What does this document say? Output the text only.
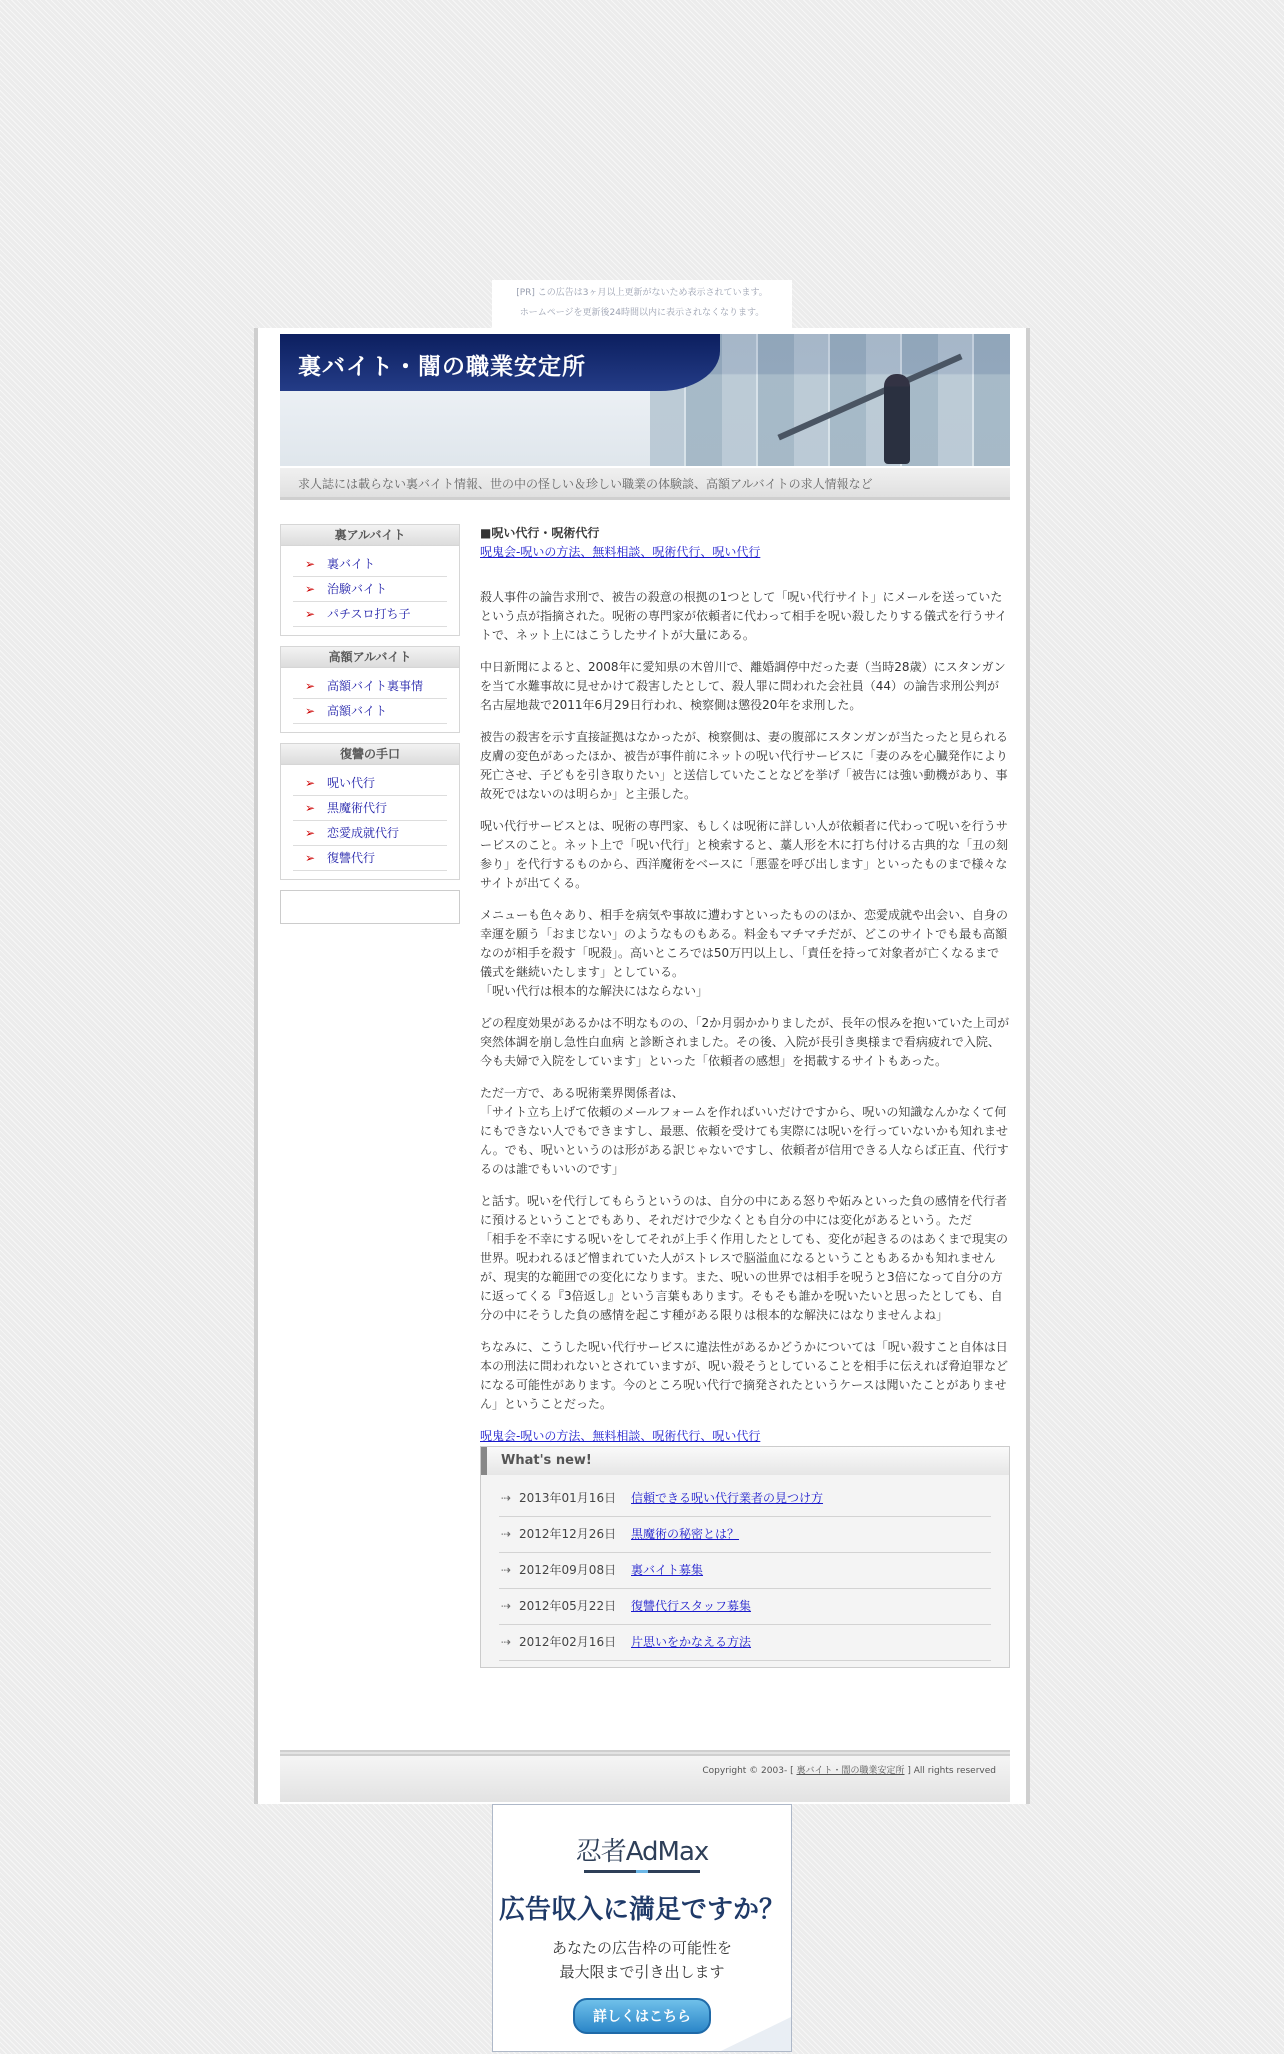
[PR] この広告は3ヶ月以上更新がないため表示されています。
ホームページを更新後24時間以内に表示されなくなります。
裏バイト・闇の職業安定所
求人誌には載らない裏バイト情報、世の中の怪しい＆珍しい職業の体験談、高額アルバイトの求人情報など
裏アルバイト
➢ 裏バイト
➢ 治験バイト
➢ パチスロ打ち子
高額アルバイト
➢ 高額バイト裏事情
➢ 高額バイト
復讐の手口
➢ 呪い代行
➢ 黒魔術代行
➢ 恋愛成就代行
➢ 復讐代行
■呪い代行・呪術代行
呪鬼会-呪いの方法、無料相談、呪術代行、呪い代行

殺人事件の論告求刑で、被告の殺意の根拠の1つとして「呪い代行サイト」にメールを送っていたという点が指摘された。呪術の専門家が依頼者に代わって相手を呪い殺したりする儀式を行うサイトで、ネット上にはこうしたサイトが大量にある。

中日新聞によると、2008年に愛知県の木曽川で、離婚調停中だった妻（当時28歳）にスタンガンを当て水難事故に見せかけて殺害したとして、殺人罪に問われた会社員（44）の論告求刑公判が名古屋地裁で2011年6月29日行われ、検察側は懲役20年を求刑した。

被告の殺害を示す直接証拠はなかったが、検察側は、妻の腹部にスタンガンが当たったと見られる皮膚の変色があったほか、被告が事件前にネットの呪い代行サービスに「妻のみを心臓発作により死亡させ、子どもを引き取りたい」と送信していたことなどを挙げ「被告には強い動機があり、事故死ではないのは明らか」と主張した。

呪い代行サービスとは、呪術の専門家、もしくは呪術に詳しい人が依頼者に代わって呪いを行うサービスのこと。ネット上で「呪い代行」と検索すると、藁人形を木に打ち付ける古典的な「丑の刻参り」を代行するものから、西洋魔術をベースに「悪霊を呼び出します」といったものまで様々なサイトが出てくる。

メニューも色々あり、相手を病気や事故に遭わすといったもののほか、恋愛成就や出会い、自身の幸運を願う「おまじない」のようなものもある。料金もマチマチだが、どこのサイトでも最も高額なのが相手を殺す「呪殺」。高いところでは50万円以上し、「責任を持って対象者が亡くなるまで儀式を継続いたします」としている。
「呪い代行は根本的な解決にはならない」

どの程度効果があるかは不明なものの、「2か月弱かかりましたが、長年の恨みを抱いていた上司が突然体調を崩し急性白血病 と診断されました。その後、入院が長引き奥様まで看病疲れで入院、今も夫婦で入院をしています」といった「依頼者の感想」を掲載するサイトもあった。

ただ一方で、ある呪術業界関係者は、
「サイト立ち上げて依頼のメールフォームを作ればいいだけですから、呪いの知識なんかなくて何にもできない人でもできますし、最悪、依頼を受けても実際には呪いを行っていないかも知れません。でも、呪いというのは形がある訳じゃないですし、依頼者が信用できる人ならば正直、代行するのは誰でもいいのです」

と話す。呪いを代行してもらうというのは、自分の中にある怒りや妬みといった負の感情を代行者に預けるということでもあり、それだけで少なくとも自分の中には変化があるという。ただ
「相手を不幸にする呪いをしてそれが上手く作用したとしても、変化が起きるのはあくまで現実の世界。呪われるほど憎まれていた人がストレスで脳溢血になるということもあるかも知れませんが、現実的な範囲での変化になります。また、呪いの世界では相手を呪うと3倍になって自分の方に返ってくる『3倍返し』という言葉もあります。そもそも誰かを呪いたいと思ったとしても、自分の中にそうした負の感情を起こす種がある限りは根本的な解決にはなりませんよね」

ちなみに、こうした呪い代行サービスに違法性があるかどうかについては「呪い殺すこと自体は日本の刑法に問われないとされていますが、呪い殺そうとしていることを相手に伝えれば脅迫罪などになる可能性があります。今のところ呪い代行で摘発されたというケースは聞いたことがありません」ということだった。

呪鬼会-呪いの方法、無料相談、呪術代行、呪い代行
What's new!
⇢ 2013年01月16日 信頼できる呪い代行業者の見つけ方
⇢ 2012年12月26日 黒魔術の秘密とは？
⇢ 2012年09月08日 裏バイト募集
⇢ 2012年05月22日 復讐代行スタッフ募集
⇢ 2012年02月16日 片思いをかなえる方法
Copyright © 2003- [ 裏バイト・闇の職業安定所 ] All rights reserved
忍者AdMax
広告収入に満足ですか？
あなたの広告枠の可能性を
最大限まで引き出します
詳しくはこちら
